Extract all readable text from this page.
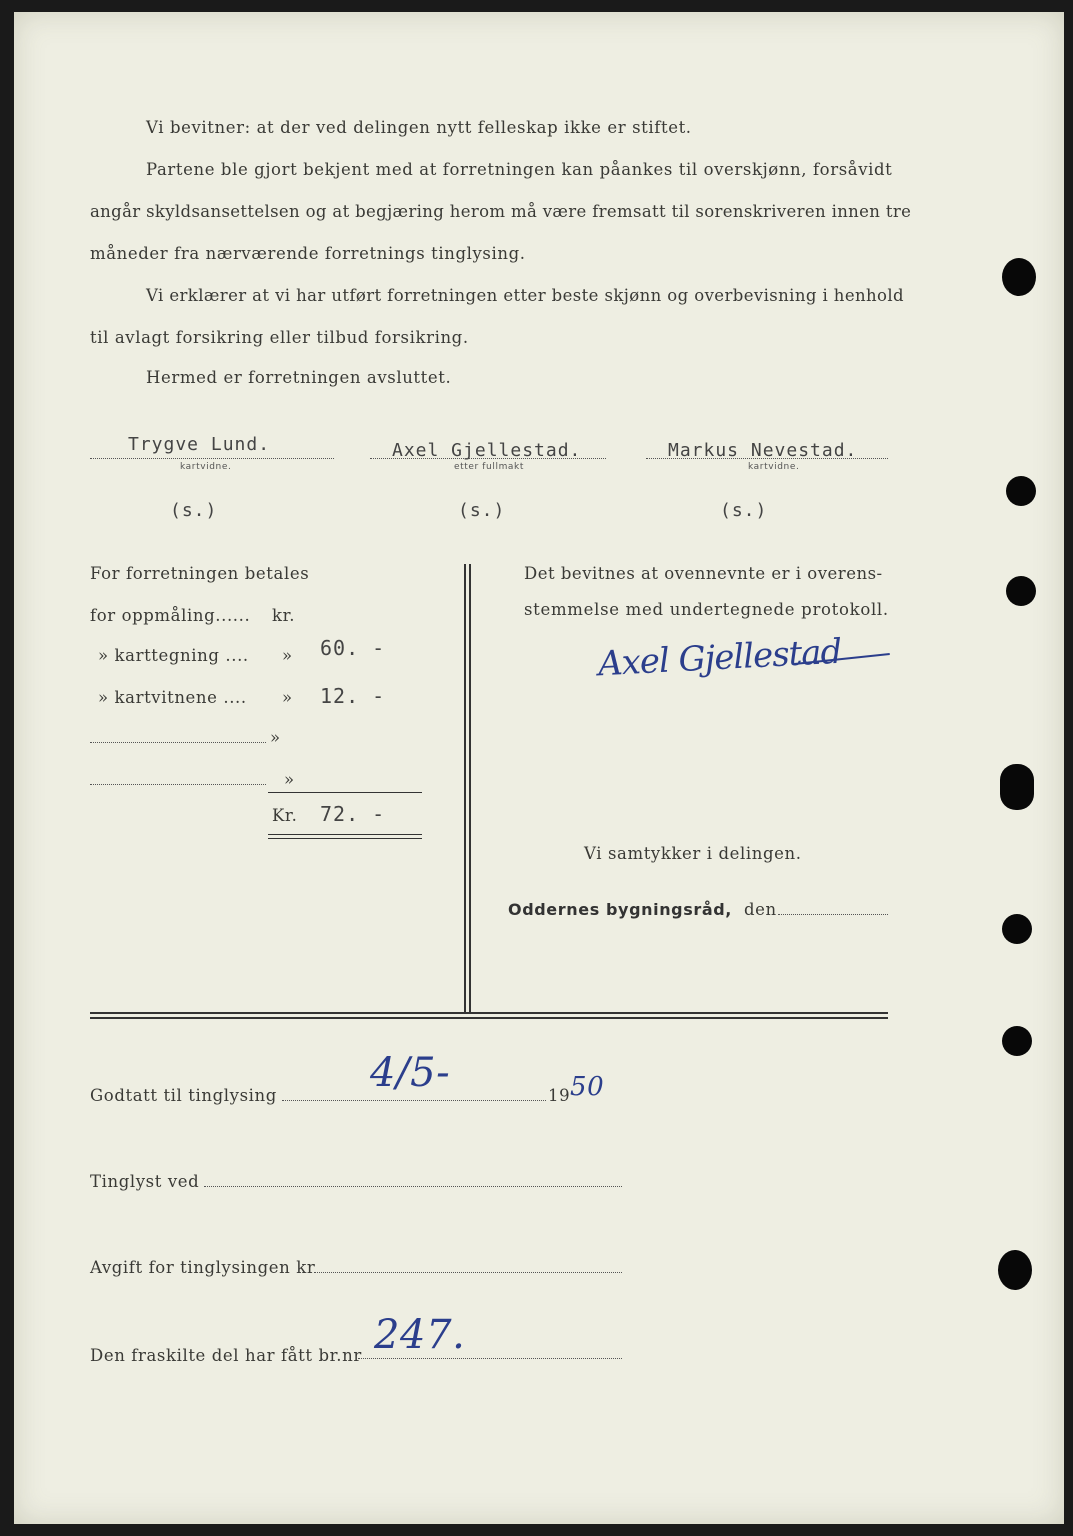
Vi bevitner: at der ved delingen nytt felleskap ikke er stiftet.
Partene ble gjort bekjent med at forretningen kan påankes til overskjønn, forsåvidt
angår skyldsansettelsen og at begjæring herom må være fremsatt til sorenskriveren innen tre
måneder fra nærværende forretnings tinglysing.
Vi erklærer at vi har utført forretningen etter beste skjønn og overbevisning i henhold
til avlagt forsikring eller tilbud forsikring.
Hermed er forretningen avsluttet.
Trygve Lund.
kartvidne.
(s.)
Axel Gjellestad.
etter fullmakt
(s.)
Markus Nevestad.
kartvidne.
(s.)
For forretningen betales
for oppmåling...... kr.
» karttegning .... » 60. -
» kartvitnene .... » 12. -
»
»
Kr. 72. -
Det bevitnes at ovennevnte er i overens-
stemmelse med undertegnede protokoll.
Axel Gjellestad
Vi samtykker i delingen.
Oddernes bygningsråd, den
Godtatt til tinglysing 4/5-	19 50
Tinglyst ved
Avgift for tinglysingen kr
Den fraskilte del har fått br.nr 247.
